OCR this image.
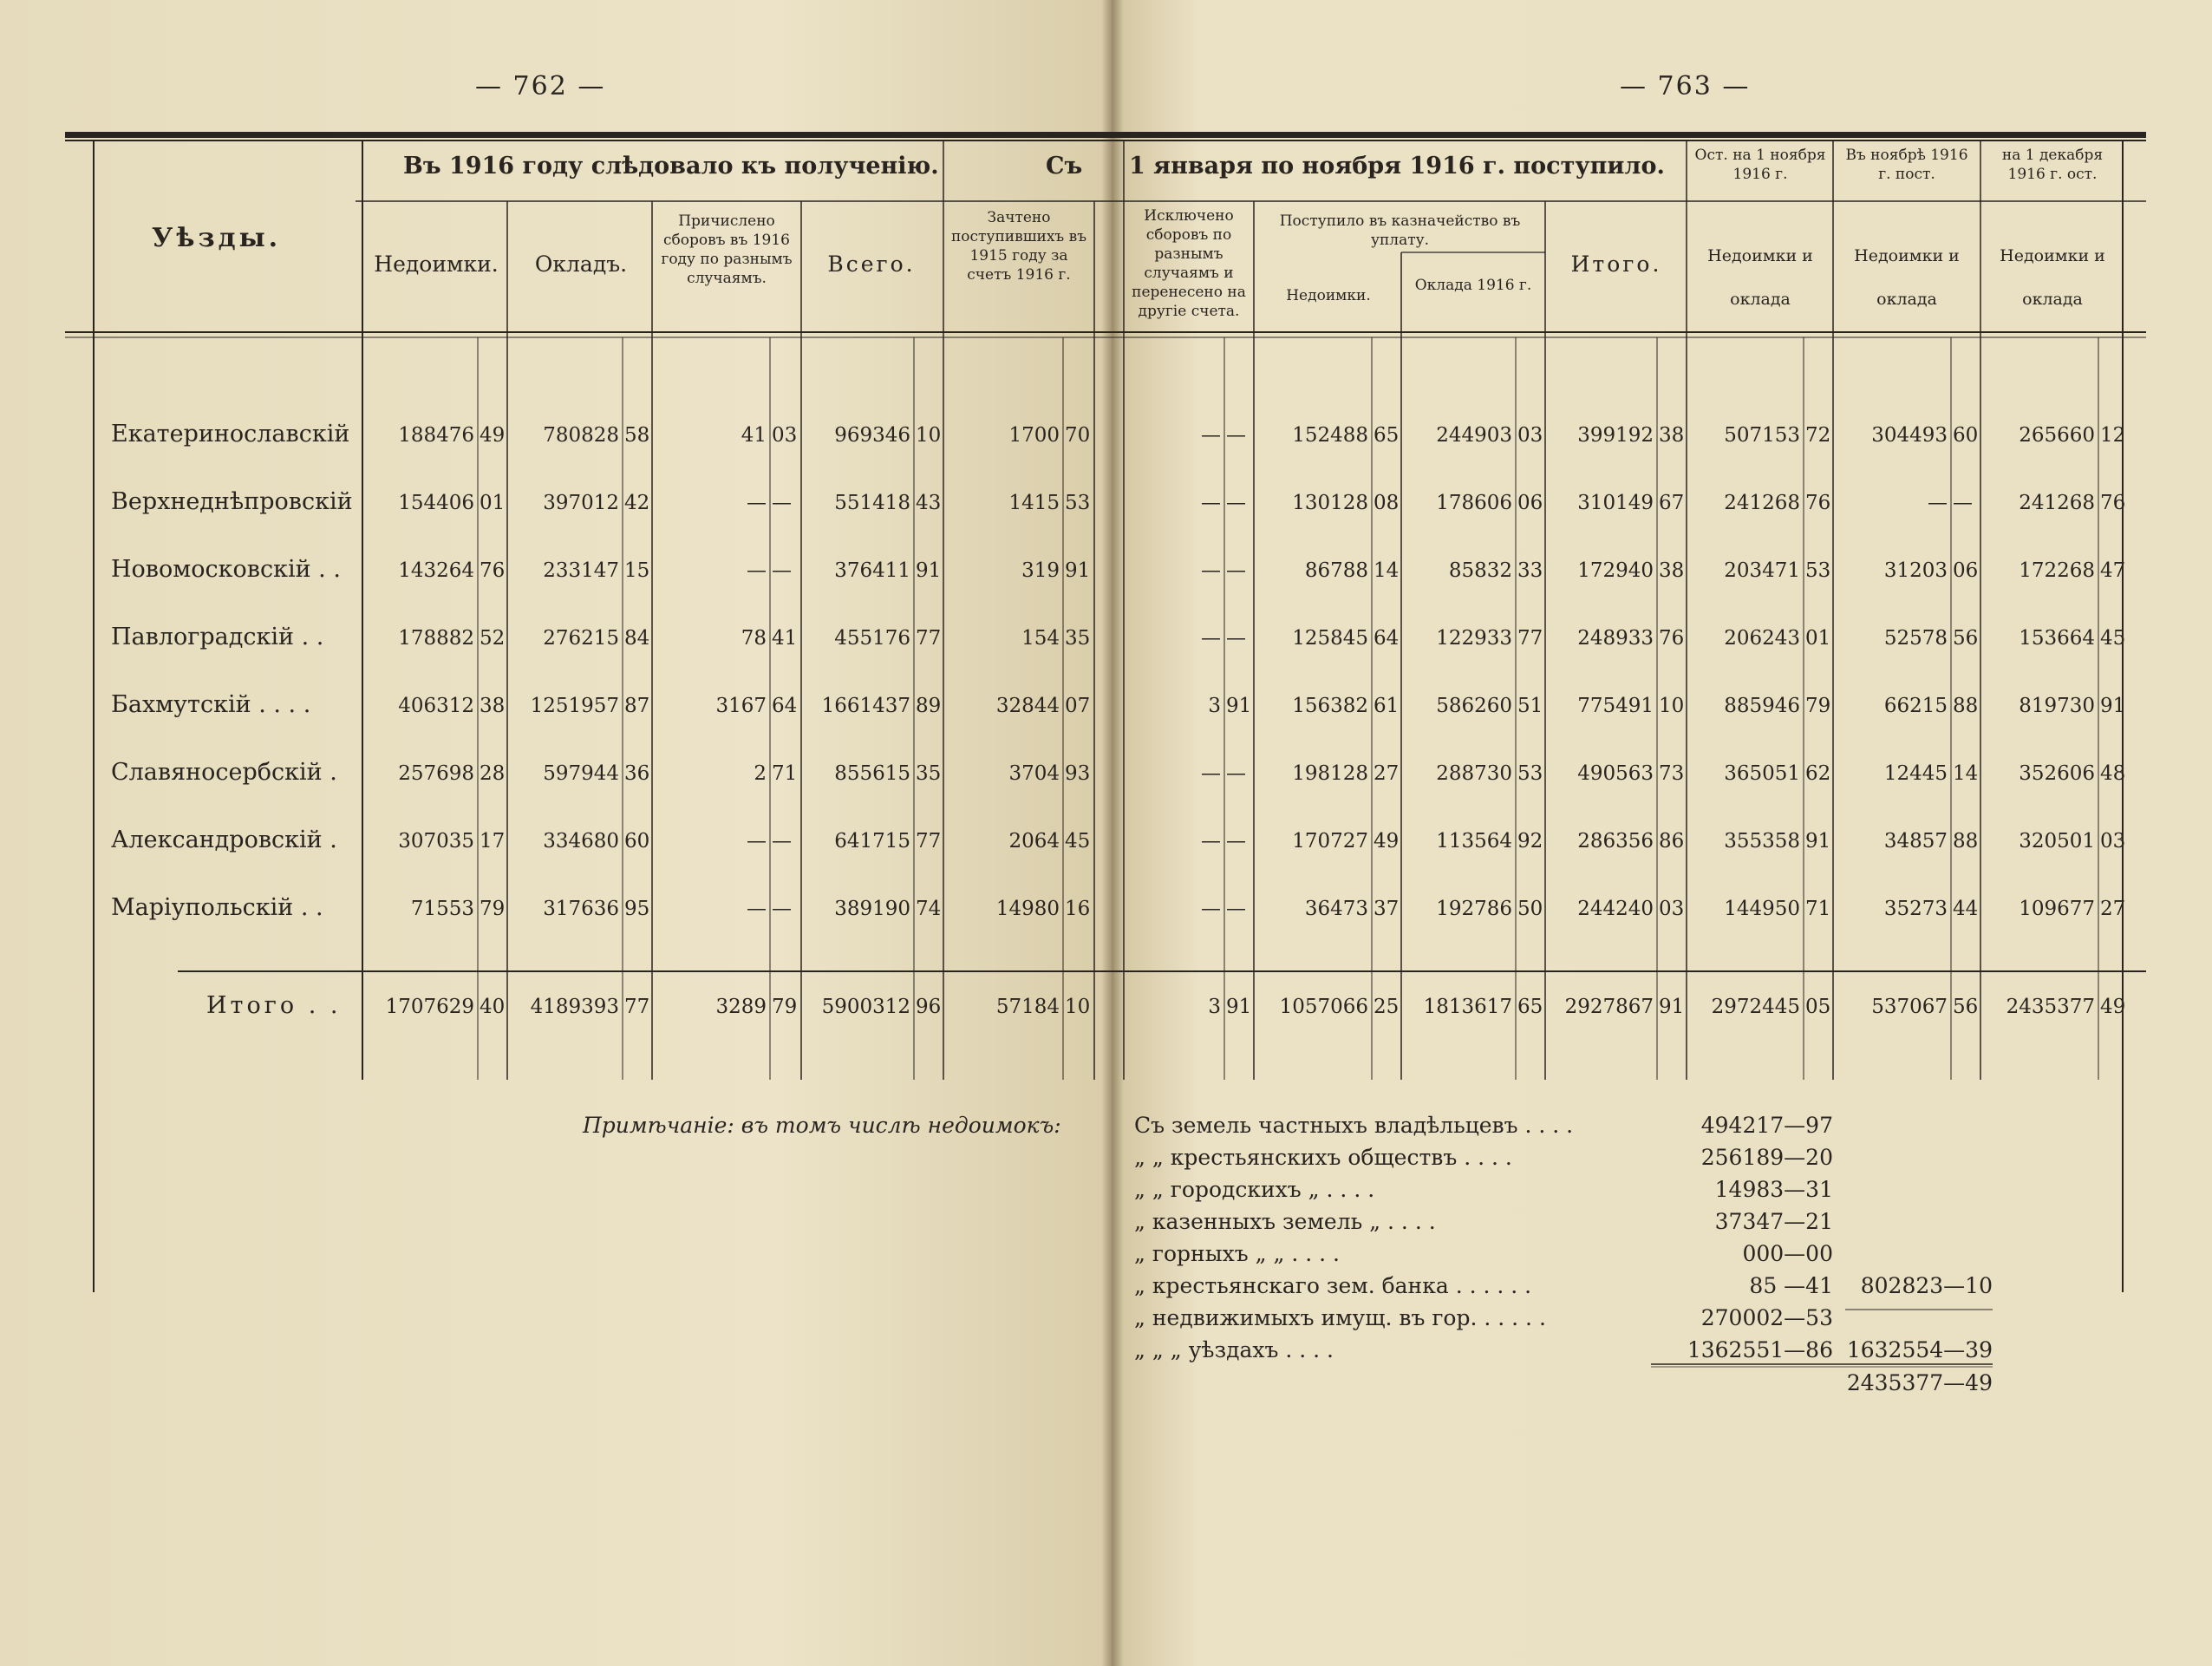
— 762 —	— 763 —
Уѣзды.
Въ 1916 году слѣдовало къ полученію.	Съ 1 января по ноября 1916 г. поступило. Ост. на 1 ноября 1916 г.
Въ ноябрѣ 1916 г. пост.
на 1 декабря 1916 г. ост.
Недоимки.	Окладъ.
Причислено сборовъ въ 1916 году по разнымъ случаямъ.
Всего.
Зачтено поступившихъ въ 1915 году за счетъ 1916 г.
Исключено сборовъ по разнымъ случаямъ и перенесено на другіе счета.
Поступило въ казначейство въ уплату.
Недоимки.
Оклада 1916 г.
Итого.	Недоимки и оклада
Недоимки и оклада
Недоимки и оклада
Екатеринославскій	188476 49	780828 58	41 03	969346 10	1700 70	— —	152488 65	244903 03	399192 38	507153 72	304493 60	265660 12
Верхнеднѣпровскій	154406 01	397012 42	— —	551418 43	1415 53	— —	130128 08	178606 06	310149 67	241268 76	— —	241268 76
Новомосковскій . .	143264 76	233147 15	— —	376411 91	319 91	— —	86788 14	85832 33	172940 38	203471 53	31203 06	172268 47
Павлоградскій . .	178882 52	276215 84	78 41	455176 77	154 35	— —	125845 64	122933 77	248933 76	206243 01	52578 56	153664 45
Бахмутскій . . . .	406312 38	1251957 87	3167 64	1661437 89	32844 07	3 91	156382 61	586260 51	775491 10	885946 79	66215 88	819730 91
Славяносербскій .	257698 28	597944 36	2 71	855615 35	3704 93	— —	198128 27	288730 53	490563 73	365051 62	12445 14	352606 48
Александровскій .	307035 17	334680 60	— —	641715 77	2064 45	— —	170727 49	113564 92	286356 86	355358 91	34857 88	320501 03
Маріупольскій . .	71553 79	317636 95	— —	389190 74	14980 16	— —	36473 37	192786 50	244240 03	144950 71	35273 44	109677 27
Итого . .	1707629 40	4189393 77	3289 79	5900312 96	57184 10	3 91	1057066 25	1813617 65	2927867 91	2972445 05	537067 56	2435377 49
Примѣчаніе: въ томъ числѣ недоимокъ:	Съ земель частныхъ владѣльцевъ . . . .	494217—97
„ „ крестьянскихъ обществъ . . . .	256189—20
„ „ городскихъ „ . . . .	14983—31
„ казенныхъ земель „ . . . .	37347—21
„ горныхъ „ „ . . . .	000—00
„ крестьянскаго зем. банка . . . . . .	85 —41	802823—10
„ недвижимыхъ имущ. въ гор. . . . . .	270002—53
„ „ „ уѣздахъ . . . .	1362551—86 1632554—39
2435377—49
